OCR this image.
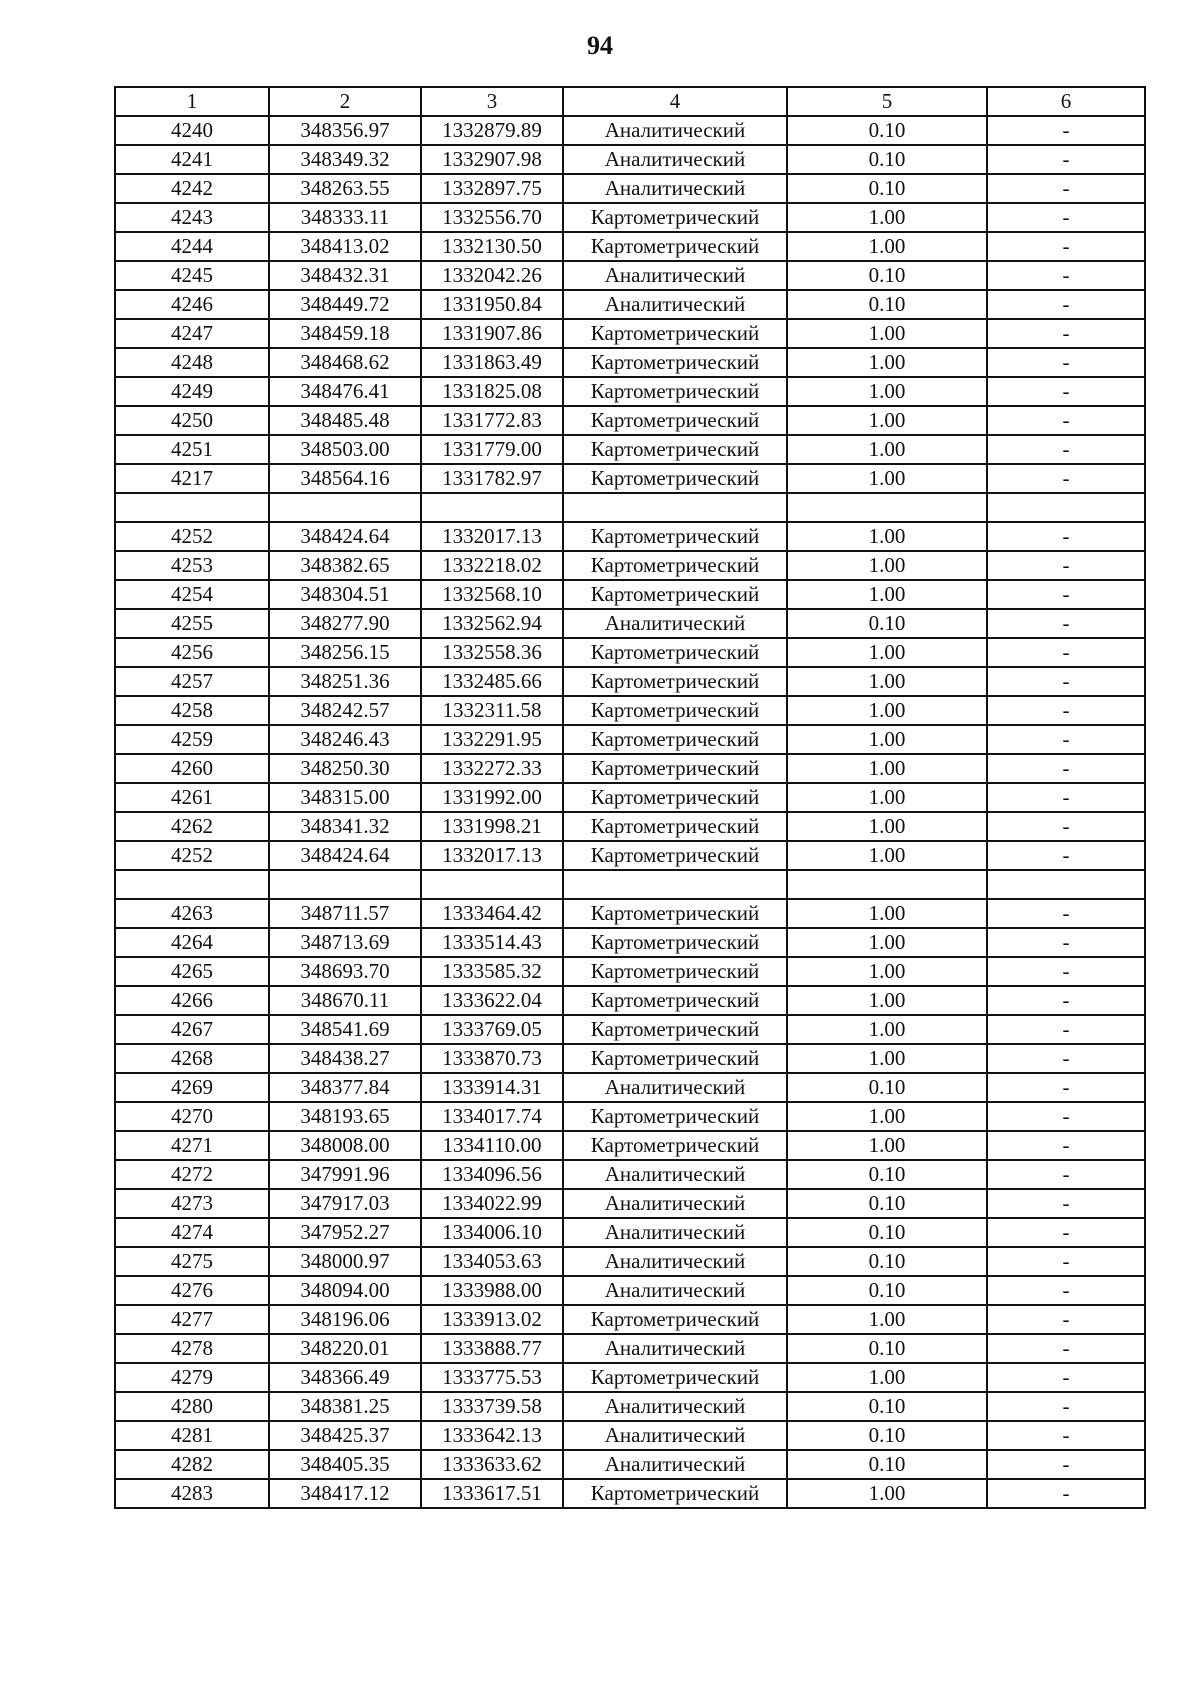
94
1	2	3	4	5	6
4240	348356.97	1332879.89	Аналитический	0.10	-
4241	348349.32	1332907.98	Аналитический	0.10	-
4242	348263.55	1332897.75	Аналитический	0.10	-
4243	348333.11	1332556.70	Картометрический	1.00	-
4244	348413.02	1332130.50	Картометрический	1.00	-
4245	348432.31	1332042.26	Аналитический	0.10	-
4246	348449.72	1331950.84	Аналитический	0.10	-
4247	348459.18	1331907.86	Картометрический	1.00	-
4248	348468.62	1331863.49	Картометрический	1.00	-
4249	348476.41	1331825.08	Картометрический	1.00	-
4250	348485.48	1331772.83	Картометрический	1.00	-
4251	348503.00	1331779.00	Картометрический	1.00	-
4217	348564.16	1331782.97	Картометрический	1.00	-

4252	348424.64	1332017.13	Картометрический	1.00	-
4253	348382.65	1332218.02	Картометрический	1.00	-
4254	348304.51	1332568.10	Картометрический	1.00	-
4255	348277.90	1332562.94	Аналитический	0.10	-
4256	348256.15	1332558.36	Картометрический	1.00	-
4257	348251.36	1332485.66	Картометрический	1.00	-
4258	348242.57	1332311.58	Картометрический	1.00	-
4259	348246.43	1332291.95	Картометрический	1.00	-
4260	348250.30	1332272.33	Картометрический	1.00	-
4261	348315.00	1331992.00	Картометрический	1.00	-
4262	348341.32	1331998.21	Картометрический	1.00	-
4252	348424.64	1332017.13	Картометрический	1.00	-

4263	348711.57	1333464.42	Картометрический	1.00	-
4264	348713.69	1333514.43	Картометрический	1.00	-
4265	348693.70	1333585.32	Картометрический	1.00	-
4266	348670.11	1333622.04	Картометрический	1.00	-
4267	348541.69	1333769.05	Картометрический	1.00	-
4268	348438.27	1333870.73	Картометрический	1.00	-
4269	348377.84	1333914.31	Аналитический	0.10	-
4270	348193.65	1334017.74	Картометрический	1.00	-
4271	348008.00	1334110.00	Картометрический	1.00	-
4272	347991.96	1334096.56	Аналитический	0.10	-
4273	347917.03	1334022.99	Аналитический	0.10	-
4274	347952.27	1334006.10	Аналитический	0.10	-
4275	348000.97	1334053.63	Аналитический	0.10	-
4276	348094.00	1333988.00	Аналитический	0.10	-
4277	348196.06	1333913.02	Картометрический	1.00	-
4278	348220.01	1333888.77	Аналитический	0.10	-
4279	348366.49	1333775.53	Картометрический	1.00	-
4280	348381.25	1333739.58	Аналитический	0.10	-
4281	348425.37	1333642.13	Аналитический	0.10	-
4282	348405.35	1333633.62	Аналитический	0.10	-
4283	348417.12	1333617.51	Картометрический	1.00	-
